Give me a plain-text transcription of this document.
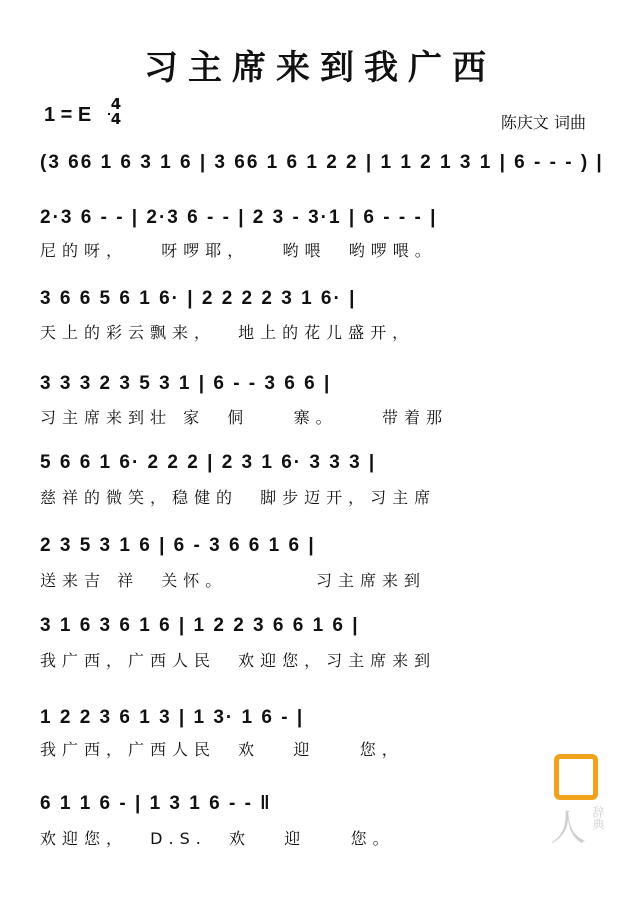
习主席来到我广西
1 = E 4
4	陈庆文 词曲
(3 66 1 6 3 1 6 | 3 66 1 6 1 2 2 | 1 1 2 1 3 1 | 6 - - - ) |
2·3 6 - - | 2·3 6 - - | 2 3 - 3·1 | 6 - - - |
尼的呀，   呀啰耶，   哟喂  哟啰喂。
3 6 6 5 6 1 6· | 2 2 2 2 3 1 6· |
天上的彩云飘来，  地上的花儿盛开，
3 3 3 2 3 5 3 1 | 6 - - 3 6 6 |
习主席来到壮 家  侗    寨。    带着那
5 6 6 1 6· 2 2 2 | 2 3 1 6· 3 3 3 |
慈祥的微笑，稳健的  脚步迈开，习主席
2 3 5 3 1 6 | 6 - 3 6 6 1 6 |
送来吉 祥  关怀。        习主席来到
3 1 6 3 6 1 6 | 1 2 2 3 6 6 1 6 |
我广西，广西人民  欢迎您，习主席来到
1 2 2 3 6 1 3 | 1 3· 1 6 - |
我广西，广西人民  欢   迎    您，
6 1 1 6 - | 1 3 1 6 - - ‖
欢迎您，  D.S.  欢   迎    您。	人 辞典
